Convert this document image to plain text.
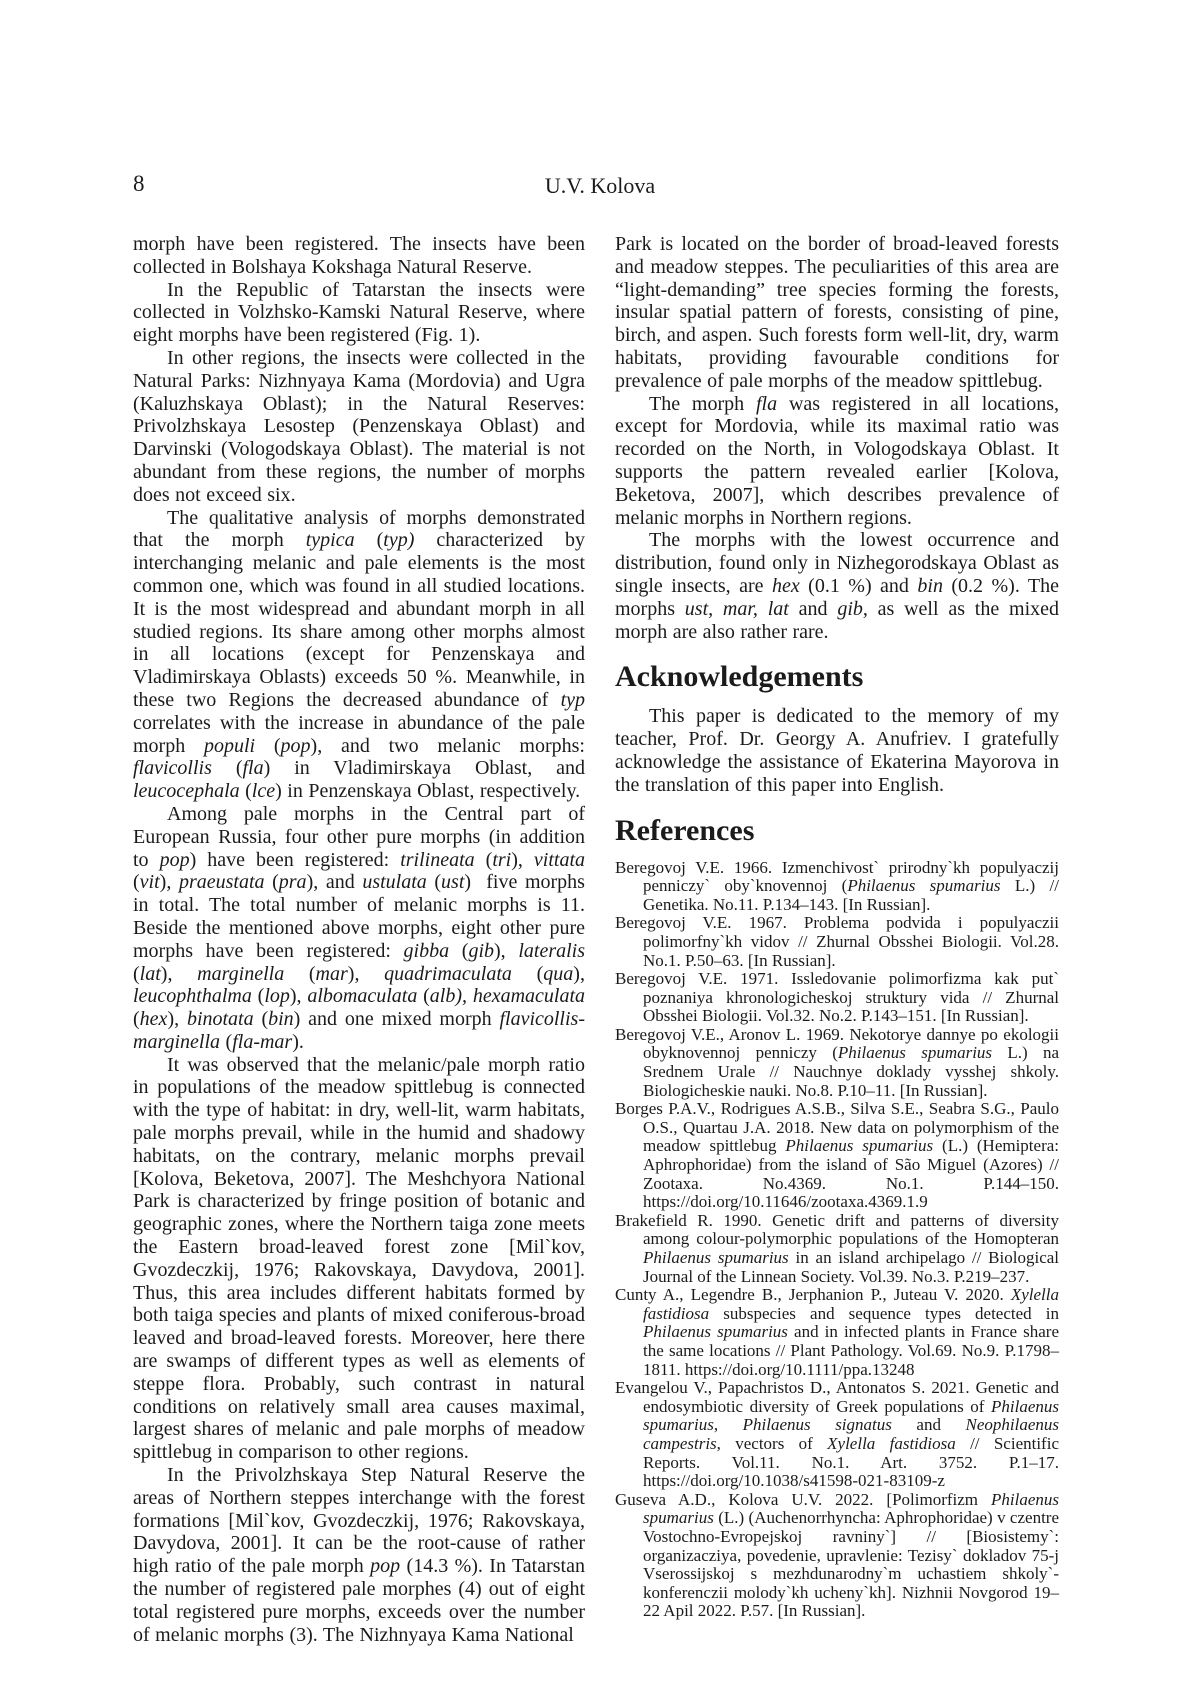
8	U.V. Kolova

morph have been registered. The insects have been collected in Bolshaya Kokshaga Natural Reserve.

In the Republic of Tatarstan the insects were collected in Volzhsko-Kamski Natural Reserve, where eight morphs have been registered (Fig. 1).

In other regions, the insects were collected in the Natural Parks: Nizhnyaya Kama (Mordovia) and Ugra (Kaluzhskaya Oblast); in the Natural Reserves: Privolzhskaya Lesostep (Penzenskaya Oblast) and Darvinski (Vologodskaya Oblast). The material is not abundant from these regions, the number of morphs does not exceed six.

The qualitative analysis of morphs demonstrated that the morph typica (typ) characterized by interchanging melanic and pale elements is the most common one, which was found in all studied locations. It is the most widespread and abundant morph in all studied regions. Its share among other morphs almost in all locations (except for Penzenskaya and Vladimirskaya Oblasts) exceeds 50 %. Meanwhile, in these two Regions the decreased abundance of typ correlates with the increase in abundance of the pale morph populi (pop), and two melanic morphs: flavicollis (fla) in Vladimirskaya Oblast, and leucocephala (lce) in Penzenskaya Oblast, respectively.

Among pale morphs in the Central part of European Russia, four other pure morphs (in addition to pop) have been registered: trilineata (tri), vittata (vit), praeustata (pra), and ustulata (ust)  five morphs in total. The total number of melanic morphs is 11. Beside the mentioned above morphs, eight other pure morphs have been registered: gibba (gib), lateralis (lat), marginella (mar), quadrimaculata (qua), leucophthalma (lop), albomaculata (alb), hexamaculata (hex), binotata (bin) and one mixed morph flavicollis-marginella (fla-mar).

It was observed that the melanic/pale morph ratio in populations of the meadow spittlebug is connected with the type of habitat: in dry, well-lit, warm habitats, pale morphs prevail, while in the humid and shadowy habitats, on the contrary, melanic morphs prevail [Kolova, Beketova, 2007]. The Meshchyora National Park is characterized by fringe position of botanic and geographic zones, where the Northern taiga zone meets the Eastern broad-leaved forest zone [Mil`kov, Gvozdeczkij, 1976; Rakovskaya, Davydova, 2001]. Thus, this area includes different habitats formed by both taiga species and plants of mixed coniferous-broad leaved and broad-leaved forests. Moreover, here there are swamps of different types as well as elements of steppe flora. Probably, such contrast in natural conditions on relatively small area causes maximal, largest shares of melanic and pale morphs of meadow spittlebug in comparison to other regions.

In the Privolzhskaya Step Natural Reserve the areas of Northern steppes interchange with the forest formations [Mil`kov, Gvozdeczkij, 1976; Rakovskaya, Davydova, 2001]. It can be the root-cause of rather high ratio of the pale morph pop (14.3 %). In Tatarstan the number of registered pale morphes (4) out of eight total registered pure morphs, exceeds over the number of melanic morphs (3). The Nizhnyaya Kama National

Park is located on the border of broad-leaved forests and meadow steppes. The peculiarities of this area are “light-demanding” tree species forming the forests, insular spatial pattern of forests, consisting of pine, birch, and aspen. Such forests form well-lit, dry, warm habitats, providing favourable conditions for prevalence of pale morphs of the meadow spittlebug.

The morph fla was registered in all locations, except for Mordovia, while its maximal ratio was recorded on the North, in Vologodskaya Oblast. It supports the pattern revealed earlier [Kolova, Beketova, 2007], which describes prevalence of melanic morphs in Northern regions.

The morphs with the lowest occurrence and distribution, found only in Nizhegorodskaya Oblast as single insects, are hex (0.1 %) and bin (0.2 %). The morphs ust, mar, lat and gib, as well as the mixed morph are also rather rare.

Acknowledgements

This paper is dedicated to the memory of my teacher, Prof. Dr. Georgy A. Anufriev. I gratefully acknowledge the assistance of Ekaterina Mayorova in the translation of this paper into English.

References

Beregovoj V.E. 1966. Izmenchivost` prirodny`kh populyaczij penniczy` oby`knovennoj (Philaenus spumarius L.) // Genetika. No.11. P.134–143. [In Russian].

Beregovoj V.E. 1967. Problema podvida i populyaczii polimorfny`kh vidov // Zhurnal Obsshei Biologii. Vol.28. No.1. P.50–63. [In Russian].

Beregovoj V.E. 1971. Issledovanie polimorfizma kak put` poznaniya khronologicheskoj struktury vida // Zhurnal Obsshei Biologii. Vol.32. No.2. P.143–151. [In Russian].

Beregovoj V.E., Aronov L. 1969. Nekotorye dannye po ekologii obyknovennoj penniczy (Philaenus spumarius L.) na Srednem Urale // Nauchnye doklady vysshej shkoly. Biologicheskie nauki. No.8. P.10–11. [In Russian].

Borges P.A.V., Rodrigues A.S.B., Silva S.E., Seabra S.G., Paulo O.S., Quartau J.A. 2018. New data on polymorphism of the meadow spittlebug Philaenus spumarius (L.) (Hemiptera: Aphrophoridae) from the island of São Miguel (Azores) // Zootaxa. No.4369. No.1. P.144–150. https://doi.org/10.11646/zootaxa.4369.1.9

Brakefield R. 1990. Genetic drift and patterns of diversity among colour-polymorphic populations of the Homopteran Philaenus spumarius in an island archipelago // Biological Journal of the Linnean Society. Vol.39. No.3. P.219–237.

Cunty A., Legendre B., Jerphanion P., Juteau V. 2020. Xylella fastidiosa subspecies and sequence types detected in Philaenus spumarius and in infected plants in France share the same locations // Plant Pathology. Vol.69. No.9. P.1798–1811. https://doi.org/10.1111/ppa.13248

Evangelou V., Papachristos D., Antonatos S. 2021. Genetic and endosymbiotic diversity of Greek populations of Philaenus spumarius, Philaenus signatus and Neophilaenus campestris, vectors of Xylella fastidiosa // Scientific Reports. Vol.11. No.1. Art. 3752. P.1–17. https://doi.org/10.1038/s41598-021-83109-z

Guseva A.D., Kolova U.V. 2022. [Polimorfizm Philaenus spumarius (L.) (Auchenorrhyncha: Aphrophoridae) v czentre Vostochno-Evropejskoj ravniny`] // [Biosistemy`: organizacziya, povedenie, upravlenie: Tezisy` dokladov 75-j Vserossijskoj s mezhdunarodny`m uchastiem shkoly`-konferenczii molody`kh ucheny`kh]. Nizhnii Novgorod 19–22 Apil 2022. P.57. [In Russian].
